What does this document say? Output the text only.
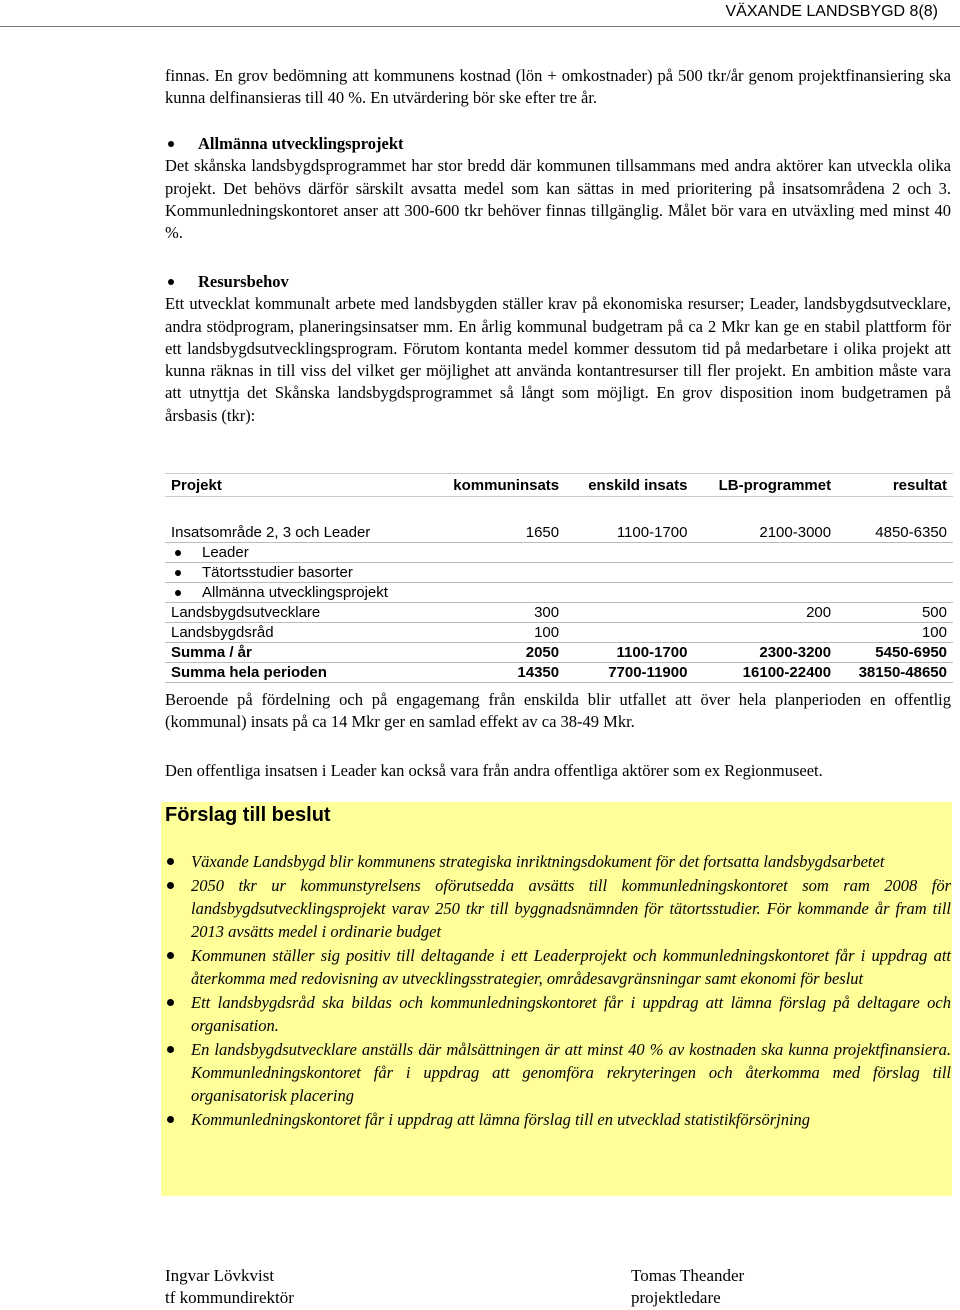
VÄXANDE LANDSBYGD 8(8)
finnas. En grov bedömning att kommunens kostnad (lön + omkostnader) på 500 tkr/år genom projektfinansiering ska kunna delfinansieras till 40 %. En utvärdering bör ske efter tre år.
Allmänna utvecklingsprojekt
Det skånska landsbygdsprogrammet har stor bredd där kommunen tillsammans med andra aktörer kan utveckla olika projekt. Det behövs därför särskilt avsatta medel som kan sättas in med prioritering på insatsområdena 2 och 3. Kommunledningskontoret anser att 300-600 tkr behöver finnas tillgänglig. Målet bör vara en utväxling med minst 40 %.
Resursbehov
Ett utvecklat kommunalt arbete med landsbygden ställer krav på ekonomiska resurser; Leader, landsbygdsutvecklare, andra stödprogram, planeringsinsatser mm. En årlig kommunal budgetram på ca 2 Mkr kan ge en stabil plattform för ett landsbygdsutvecklingsprogram. Förutom kontanta medel kommer dessutom tid på medarbetare i olika projekt att kunna räknas in till viss del vilket ger möjlighet att använda kontantresurser till fler projekt. En ambition måste vara att utnyttja det Skånska landsbygdsprogrammet så långt som möjligt. En grov disposition inom budgetramen på årsbasis (tkr):
Projekt	kommuninsats	enskild insats	LB-programmet	resultat

Insatsområde 2, 3 och Leader	1650	1100-1700	2100-3000	4850-6350
Leader				
Tätortsstudier basorter				
Allmänna utvecklingsprojekt				
Landsbygdsutvecklare	300		200	500
Landsbygdsråd	100			100
Summa / år	2050	1100-1700	2300-3200	5450-6950
Summa hela perioden	14350	7700-11900	16100-22400	38150-48650
Beroende på fördelning och på engagemang från enskilda blir utfallet att över hela planperioden en offentlig (kommunal) insats på ca 14 Mkr ger en samlad effekt av ca 38-49 Mkr.
Den offentliga insatsen i Leader kan också vara från andra offentliga aktörer som ex Regionmuseet.
Förslag till beslut
Växande Landsbygd blir kommunens strategiska inriktningsdokument för det fortsatta landsbygdsarbetet
2050 tkr ur kommunstyrelsens oförutsedda avsätts till kommunledningskontoret som ram 2008 för landsbygdsutvecklingsprojekt varav 250 tkr till byggnadsnämnden för tätortsstudier. För kommande år fram till 2013 avsätts medel i ordinarie budget
Kommunen ställer sig positiv till deltagande i ett Leaderprojekt och kommunledningskontoret får i uppdrag att återkomma med redovisning av utvecklingsstrategier, områdesavgränsningar samt ekonomi för beslut
Ett landsbygdsråd ska bildas och kommunledningskontoret får i uppdrag att lämna förslag på deltagare och organisation.
En landsbygdsutvecklare anställs där målsättningen är att minst 40 % av kostnaden ska kunna projektfinansiera. Kommunledningskontoret får i uppdrag att genomföra rekryteringen och återkomma med förslag till organisatorisk placering
Kommunledningskontoret får i uppdrag att lämna förslag till en utvecklad statistikförsörjning
Ingvar Lövkvist
tf kommundirektör
Tomas Theander
projektledare
